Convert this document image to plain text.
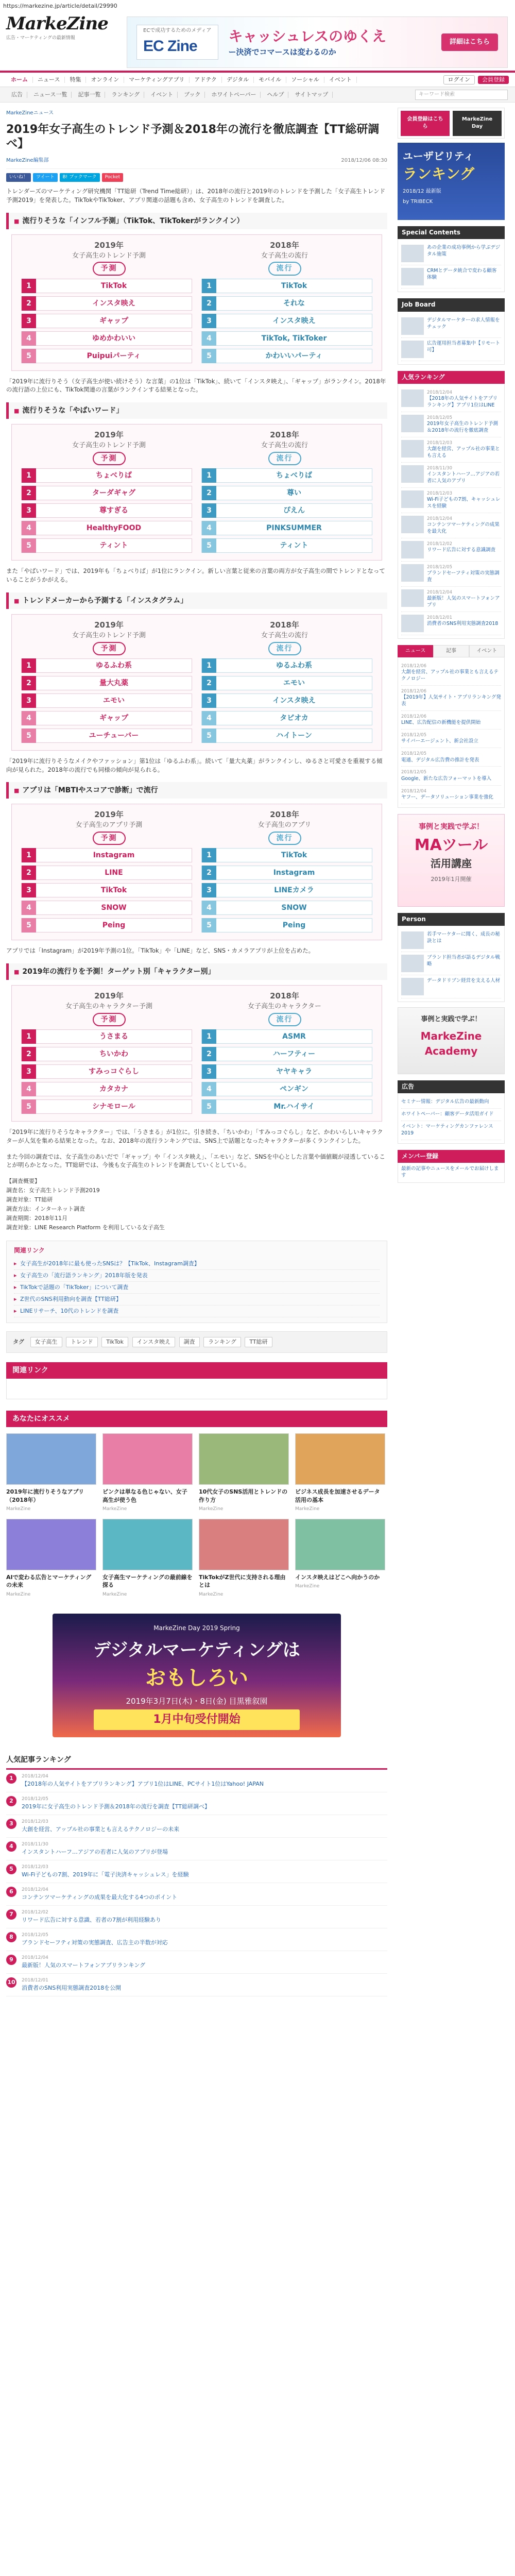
https://markezine.jp/article/detail/29990
MarkeZine
広告・マーケティングの最新情報
ECで成功するためのメディア
EC Zine
キャッシュレスのゆくえ
ー決済でコマースは変わるのか
詳細はこちら
ホーム	ニュース	特集	オンライン	マーケティングアプリ	アドテク	デジタル	モバイル	ソーシャル	イベント	ログイン	会員登録
広告	ニュース一覧	記事一覧	ランキング	イベント	ブック	ホワイトペーパー	ヘルプ	サイトマップ	キーワード検索
MarkeZineニュース
2019年女子高生のトレンド予測＆2018年の流行を徹底調査【TT総研調べ】
MarkeZine編集部	2018/12/06 08:30
いいね！	ツイート	B! ブックマーク	Pocket

トレンダーズのマーケティング研究機関「TT総研（Trend Time総研）」は、2018年の流行と2019年のトレンドを予測した「女子高生トレンド予測2019」を発表した。TikTokやTikToker、アプリ関連の話題も含め、女子高生のトレンドを調査した。

■ 流行りそうな「インフル予測」（TikTok、TikTokerがランクイン）
2019年
女子高生のトレンド予測
予測
2018年
女子高生の流行
流行
1	TikTok	1	TikTok
2	インスタ映え	2	それな
3	ギャップ	3	インスタ映え
4	ゆめかわいい	4	TikTok, TikToker
5	Puipuiパーティ	5	かわいいパーティ

「2019年に流行りそう（女子高生が使い続けそう）な言葉」の1位は「TikTok」、続いて「インスタ映え」、「ギャップ」がランクイン。2018年の流行語の上位にも、TikTok関連の言葉がランクインする結果となった。

■ 流行りそうな「やばいワード」
2019年
女子高生のトレンド予測
予測
2018年
女子高生の流行
流行
1	ちょべりば	1	ちょべりば
2	ターダギャグ	2	尊い
3	尊すぎる	3	ぴえん
4	HealthyFOOD	4	PINKSUMMER
5	ティント	5	ティント

また「やばいワード」では、2019年も「ちょべりば」が1位にランクイン。新しい言葉と従来の言葉の両方が女子高生の間でトレンドとなっていることがうかがえる。

■ トレンドメーカーから予測する「インスタグラム」
2019年
女子高生のトレンド予測
予測
2018年
女子高生の流行
流行
1	ゆるふわ系	1	ゆるふわ系
2	量大丸薬	2	エモい
3	エモい	3	インスタ映え
4	ギャップ	4	タピオカ
5	ユーチューバー	5	ハイトーン

「2019年に流行りそうなメイクやファッション」第1位は「ゆるふわ系」。続いて「量大丸薬」がランクインし、ゆるさと可愛さを重視する傾向が見られた。2018年の流行でも同様の傾向が見られる。

■ アプリは「MBTIやスコアで診断」で流行
2019年
女子高生のアプリ予測
予測
2018年
女子高生のアプリ
流行
1	Instagram	1	TikTok
2	LINE	2	Instagram
3	TikTok	3	LINEカメラ
4	SNOW	4	SNOW
5	Peing	5	Peing

アプリでは「Instagram」が2019年予測の1位。「TikTok」や「LINE」など、SNS・カメラアプリが上位を占めた。

■ 2019年の流行りを予測！ターゲット別「キャラクター別」
2019年
女子高生のキャラクター予測
予測
2018年
女子高生のキャラクター
流行
1	うさまる	1	ASMR
2	ちいかわ	2	ハーフティー
3	すみっコぐらし	3	ヤヤキャラ
4	カタカナ	4	ペンギン
5	シナモロール	5	Mr.ハイサイ

「2019年に流行りそうなキャラクター」では、「うさまる」が1位に。引き続き、「ちいかわ」「すみっコぐらし」など、かわいらしいキャラクターが人気を集める結果となった。なお、2018年の流行ランキングでは、SNS上で話題となったキャラクターが多くランクインした。

また今回の調査では、女子高生のあいだで「ギャップ」や「インスタ映え」、「エモい」など、SNSを中心とした言葉や価値観が浸透していることが明らかとなった。TT総研では、今後も女子高生のトレンドを調査していくとしている。

【調査概要】
調査名：女子高生トレンド予測2019
調査対象：TT総研
調査方法：インターネット調査
調査期間：2018年11月
調査対象：LINE Research Platform を利用している女子高生
関連リンク
▸ 女子高生が2018年に最も使ったSNSは？【TikTok、Instagram調査】
▸ 女子高生の「流行語ランキング」2018年版を発表
▸ TikTokで話題の「TikToker」について調査
▸ Z世代のSNS利用動向を調査【TT総研】
▸ LINEリサーチ、10代のトレンドを調査
タグ 女子高生 トレンド TikTok インスタ映え 調査 ランキング TT総研
関連リンク
あなたにオススメ
2019年に流行りそうなアプリ（2018年）
MarkeZine
ピンクは単なる色じゃない、女子高生が使う色
MarkeZine
10代女子のSNS活用とトレンドの作り方
MarkeZine
ビジネス成長を加速させるデータ活用の基本
MarkeZine
AIで変わる広告とマーケティングの未来
MarkeZine
女子高生マーケティングの最前線を探る
MarkeZine
TikTokがZ世代に支持される理由とは
MarkeZine
インスタ映えはどこへ向かうのか
MarkeZine
MarkeZine Day 2019 Spring
デジタルマーケティングは
おもしろい
2019年3月7日(木)・8日(金) 目黒雅叙園
1月中旬受付開始
人気記事ランキング
1	2018/12/04
【2018年の人気サイトをアプリランキング】アプリ1位はLINE、PCサイト1位はYahoo! JAPAN
2	2018/12/05
2019年に女子高生のトレンド予測＆2018年の流行を調査【TT総研調べ】
3	2018/12/03
大創を経営、アップル社の事業とも言えるテクノロジーの未来
4	2018/11/30
インスタントハーフ…アジアの若者に人気のアプリが登場
5	2018/12/03
Wi-Fi子どもの7割、2019年に「電子決済キャッシュレス」を経験
6	2018/12/04
コンテンツマーケティングの成果を最大化する4つのポイント
7	2018/12/02
リワード広告に対する意識、若者の7割が利用経験あり
8	2018/12/05
ブランドセーフティ対策の実態調査、広告主の半数が対応
9	2018/12/04
最新版！人気のスマートフォンアプリランキング
10 2018/12/01
消費者のSNS利用実態調査2018を公開
会員登録はこちら
MarkeZine Day
ユーザビリティ
ランキング
2018/12 最新版
by TRIBECK
Special Contents
あの企業の成功事例から学ぶデジタル施策
CRMとデータ統合で変わる顧客体験
Job Board
デジタルマーケターの求人情報をチェック
広告運用担当者募集中【リモート可】
人気ランキング
2018/12/04
【2018年の人気サイトをアプリランキング】アプリ1位はLINE
2018/12/05
2019年女子高生のトレンド予測＆2018年の流行を徹底調査
2018/12/03
大創を経営、アップル社の事業とも言える
2018/11/30
インスタントハーフ…アジアの若者に人気のアプリ
2018/12/03
Wi-Fi子どもの7割、キャッシュレスを経験
2018/12/04
コンテンツマーケティングの成果を最大化
2018/12/02
リワード広告に対する意識調査
2018/12/05
ブランドセーフティ対策の実態調査
2018/12/04
最新版！人気のスマートフォンアプリ
2018/12/01
消費者のSNS利用実態調査2018
ニュース	記事	イベント
2018/12/06
大創を経営、アップル社の事業とも言えるテクノロジー
2018/12/06
【2019年】人気サイト・アプリランキング発表
2018/12/06
LINE、広告配信の新機能を提供開始
2018/12/05
サイバーエージェント、新会社設立
2018/12/05
電通、デジタル広告費の推計を発表
2018/12/05
Google、新たな広告フォーマットを導入
2018/12/04
ヤフー、データソリューション事業を強化
事例と実践で学ぶ！
MAツール
活用講座
2019年1月開催
Person
若手マーケターに聞く、成長の秘訣とは
ブランド担当者が語るデジタル戦略
データドリブン経営を支える人材
事例と実践で学ぶ！
MarkeZine Academy
広告
セミナー情報：デジタル広告の最新動向
ホワイトペーパー：顧客データ活用ガイド
イベント：マーケティングカンファレンス2019
メンバー登録
最新の記事やニュースをメールでお届けします
